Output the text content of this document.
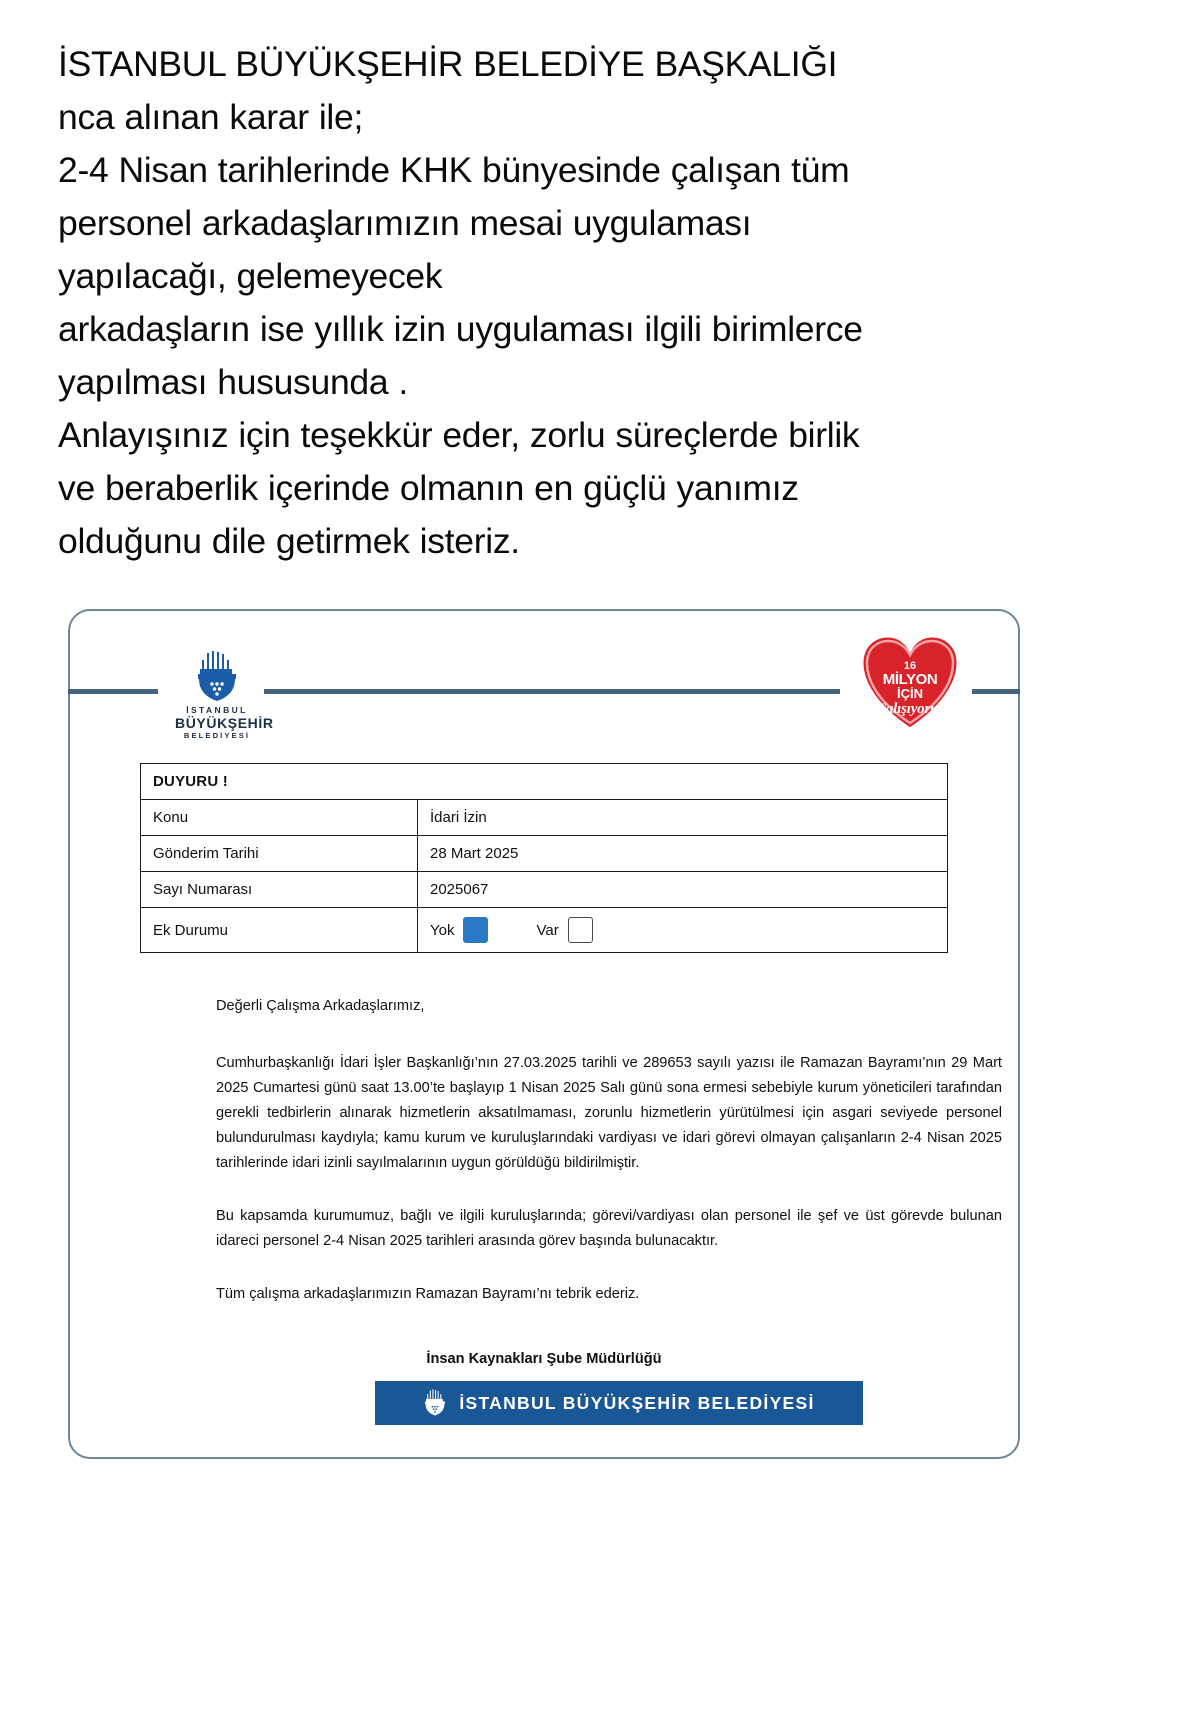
İSTANBUL BÜYÜKŞEHİR BELEDİYE BAŞKALIĞI

nca alınan karar ile;

2-4 Nisan tarihlerinde KHK bünyesinde çalışan tüm

personel arkadaşlarımızın mesai uygulaması

yapılacağı, gelemeyecek

arkadaşların ise yıllık izin uygulaması ilgili birimlerce

yapılması hususunda .

Anlayışınız için teşekkür eder, zorlu süreçlerde birlik

ve beraberlik içerinde olmanın en güçlü yanımız

olduğunu dile getirmek isteriz.

İSTANBUL
BÜYÜKŞEHİR
BELEDİYESİ
16
MİLYON
İÇİN
Çalışıyoruz
DUYURU !	
Konu	İdari İzin
Gönderim Tarihi	28 Mart 2025
Sayı Numarası	2025067
Ek Durumu	Yok Var

Değerli Çalışma Arkadaşlarımız,

Cumhurbaşkanlığı İdari İşler Başkanlığı’nın 27.03.2025 tarihli ve 289653 sayılı yazısı ile Ramazan Bayramı’nın 29 Mart 2025 Cumartesi günü saat 13.00’te başlayıp 1 Nisan 2025 Salı günü sona ermesi sebebiyle kurum yöneticileri tarafından gerekli tedbirlerin alınarak hizmetlerin aksatılmaması, zorunlu hizmetlerin yürütülmesi için asgari seviyede personel bulundurulması kaydıyla; kamu kurum ve kuruluşlarındaki vardiyası ve idari görevi olmayan çalışanların 2-4 Nisan 2025 tarihlerinde idari izinli sayılmalarının uygun görüldüğü bildirilmiştir.

Bu kapsamda kurumumuz, bağlı ve ilgili kuruluşlarında; görevi/vardiyası olan personel ile şef ve üst görevde bulunan idareci personel 2-4 Nisan 2025 tarihleri arasında görev başında bulunacaktır.

Tüm çalışma arkadaşlarımızın Ramazan Bayramı’nı tebrik ederiz.

İnsan Kaynakları Şube Müdürlüğü
İSTANBUL BÜYÜKŞEHİR BELEDİYESİ
